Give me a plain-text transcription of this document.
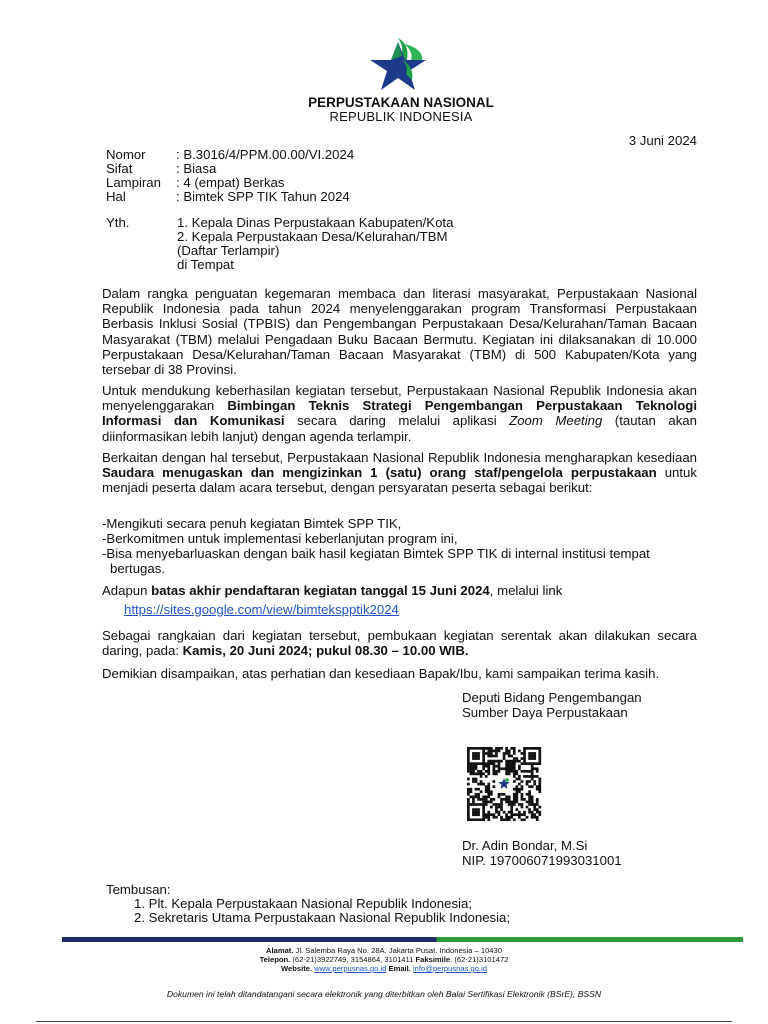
PERPUSTAKAAN NASIONAL
REPUBLIK INDONESIA
3 Juni 2024
Nomor : B.3016/4/PPM.00.00/VI.2024
Sifat	: Biasa
Lampiran : 4 (empat) Berkas
Hal	: Bimtek SPP TIK Tahun 2024
Yth.	1. Kepala Dinas Perpustakaan Kabupaten/Kota
2. Kepala Perpustakaan Desa/Kelurahan/TBM
(Daftar Terlampir)
di Tempat

Dalam rangka penguatan kegemaran membaca dan literasi masyarakat, Perpustakaan Nasional Republik Indonesia pada tahun 2024 menyelenggarakan program Transformasi Perpustakaan Berbasis Inklusi Sosial (TPBIS) dan Pengembangan Perpustakaan Desa/Kelurahan/Taman Bacaan Masyarakat (TBM) melalui Pengadaan Buku Bacaan Bermutu. Kegiatan ini dilaksanakan di 10.000 Perpustakaan Desa/Kelurahan/Taman Bacaan Masyarakat (TBM) di 500 Kabupaten/Kota yang tersebar di 38 Provinsi.

Untuk mendukung keberhasilan kegiatan tersebut, Perpustakaan Nasional Republik Indonesia akan menyelenggarakan Bimbingan Teknis Strategi Pengembangan Perpustakaan Teknologi Informasi dan Komunikasi secara daring melalui aplikasi Zoom Meeting (tautan akan diinformasikan lebih lanjut) dengan agenda terlampir.

Berkaitan dengan hal tersebut, Perpustakaan Nasional Republik Indonesia mengharapkan kesediaan Saudara menugaskan dan mengizinkan 1 (satu) orang staf/pengelola perpustakaan untuk menjadi peserta dalam acara tersebut, dengan persyaratan peserta sebagai berikut:

-Mengikuti secara penuh kegiatan Bimtek SPP TIK,
-Berkomitmen untuk implementasi keberlanjutan program ini,
-Bisa menyebarluaskan dengan baik hasil kegiatan Bimtek SPP TIK di internal institusi tempat
bertugas.
Adapun batas akhir pendaftaran kegiatan tanggal 15 Juni 2024, melalui link
https://sites.google.com/view/bimtekspptik2024

Sebagai rangkaian dari kegiatan tersebut, pembukaan kegiatan serentak akan dilakukan secara daring, pada: Kamis, 20 Juni 2024; pukul 08.30 – 10.00 WIB.

Demikian disampaikan, atas perhatian dan kesediaan Bapak/Ibu, kami sampaikan terima kasih.
Deputi Bidang Pengembangan
Sumber Daya Perpustakaan
Dr. Adin Bondar, M.Si
NIP. 197006071993031001
Tembusan:
1. Plt. Kepala Perpustakaan Nasional Republik Indonesia;
2. Sekretaris Utama Perpustakaan Nasional Republik Indonesia;
Alamat. Jl. Salemba Raya No. 28A, Jakarta Pusat. Indonesia – 10430
Telepon. (62-21)3922749, 3154864, 3101411 Faksimile. (62-21)3101472
Website. www.perpusnas.go.id Email. info@perpusnas.go.id
Dokumen ini telah ditandatangani secara elektronik yang diterbitkan oleh Balai Sertifikasi Elektronik (BSrE), BSSN
